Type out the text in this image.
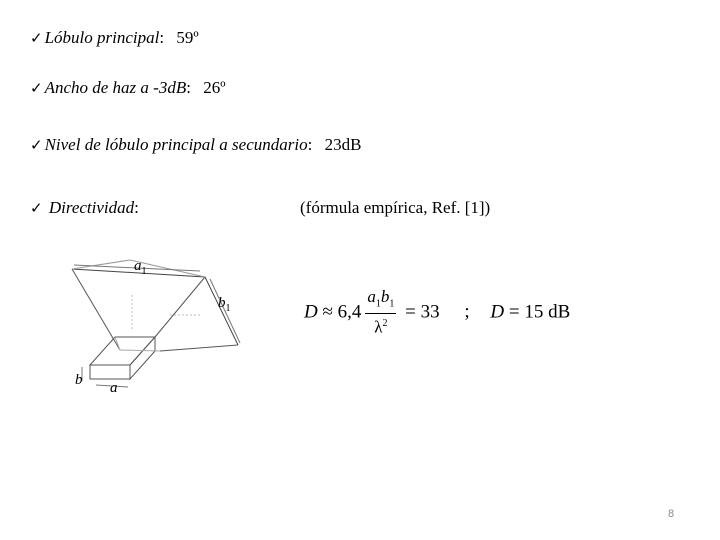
✓ Lóbulo principal: 59º
✓ Ancho de haz a -3dB: 26º
✓ Nivel de lóbulo principal a secundario: 23dB
✓ Directividad:	(fórmula empírica, Ref. [1])
$a_1$
$b_1$
b a
$D \approx 6,4 \frac{a_1b_1}{\lambda^2} = 33$ ; D = 15 dB
8
